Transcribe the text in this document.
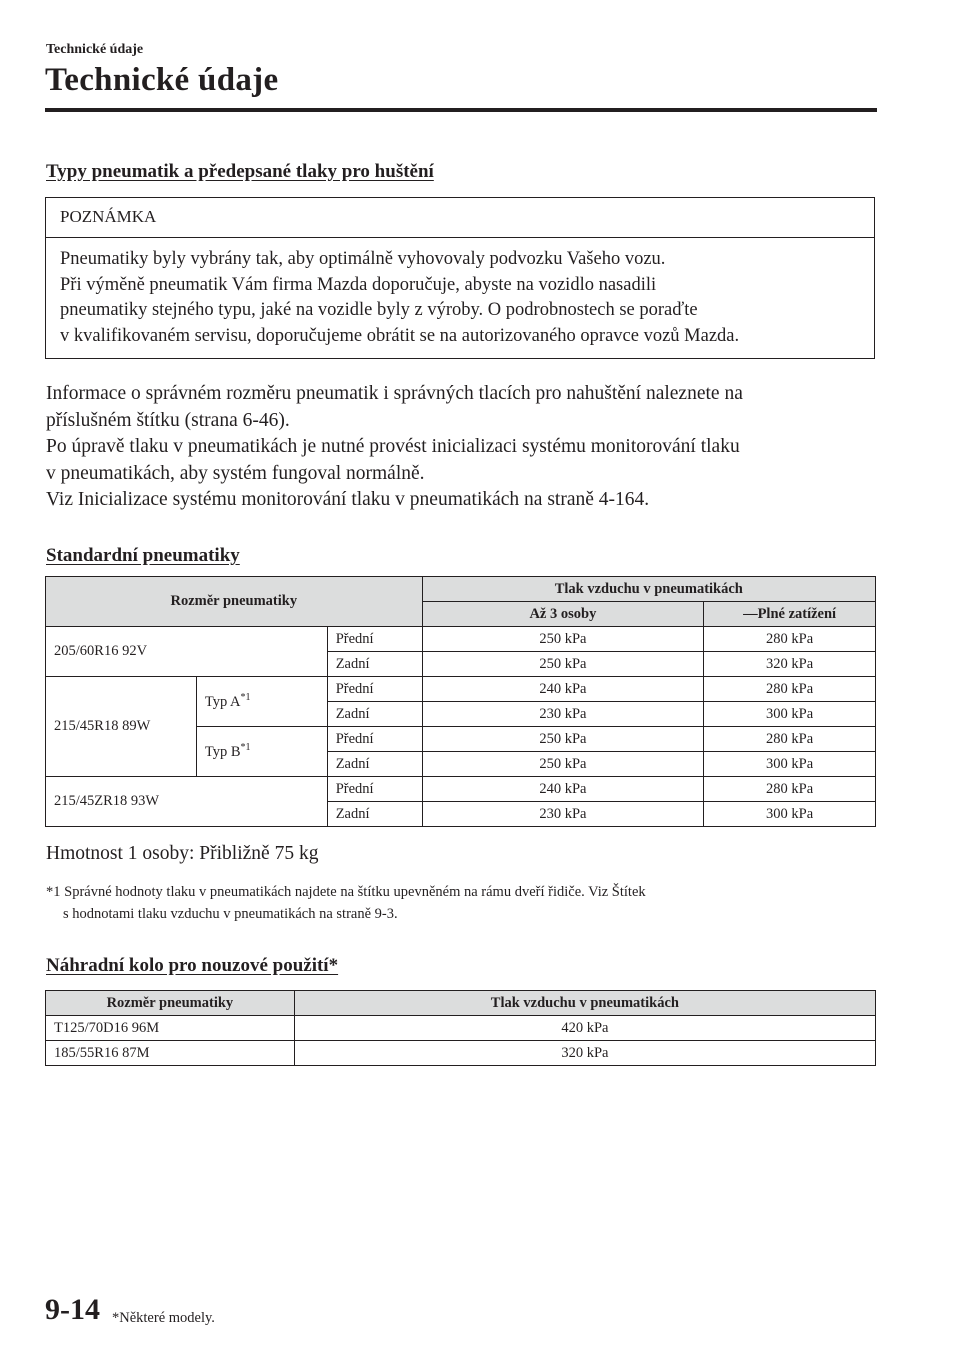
Technické údaje
Technické údaje
Typy pneumatik a předepsané tlaky pro huštění
POZNÁMKA
Pneumatiky byly vybrány tak, aby optimálně vyhovovaly podvozku Vašeho vozu.
Při výměně pneumatik Vám firma Mazda doporučuje, abyste na vozidlo nasadili
pneumatiky stejného typu, jaké na vozidle byly z výroby. O podrobnostech se poraďte
v kvalifikovaném servisu, doporučujeme obrátit se na autorizovaného opravce vozů Mazda.
Informace o správném rozměru pneumatik i správných tlacích pro nahuštění naleznete na
příslušném štítku (strana 6-46).
Po úpravě tlaku v pneumatikách je nutné provést inicializaci systému monitorování tlaku
v pneumatikách, aby systém fungoval normálně.
Viz Inicializace systému monitorování tlaku v pneumatikách na straně 4-164.
Standardní pneumatiky
Rozměr pneumatiky			Tlak vzduchu v pneumatikách	
			Až 3 osoby	—Plné zatížení
205/60R16 92V		Přední	250 kPa	280 kPa
		Zadní	250 kPa	320 kPa
215/45R18 89W	Typ $A^{*1}$	Přední	240 kPa	280 kPa
		Zadní	230 kPa	300 kPa
	Typ $B^{*1}$	Přední	250 kPa	280 kPa
		Zadní	250 kPa	300 kPa
215/45ZR18 93W		Přední	240 kPa	280 kPa
		Zadní	230 kPa	300 kPa
Hmotnost 1 osoby: Přibližně 75 kg
*1 Správné hodnoty tlaku v pneumatikách najdete na štítku upevněném na rámu dveří řidiče. Viz Štítek
s hodnotami tlaku vzduchu v pneumatikách na straně 9-3.
Náhradní kolo pro nouzové použití*
Rozměr pneumatiky	Tlak vzduchu v pneumatikách
T125/70D16 96M	420 kPa
185/55R16 87M	320 kPa
9-14 *Některé modely.
